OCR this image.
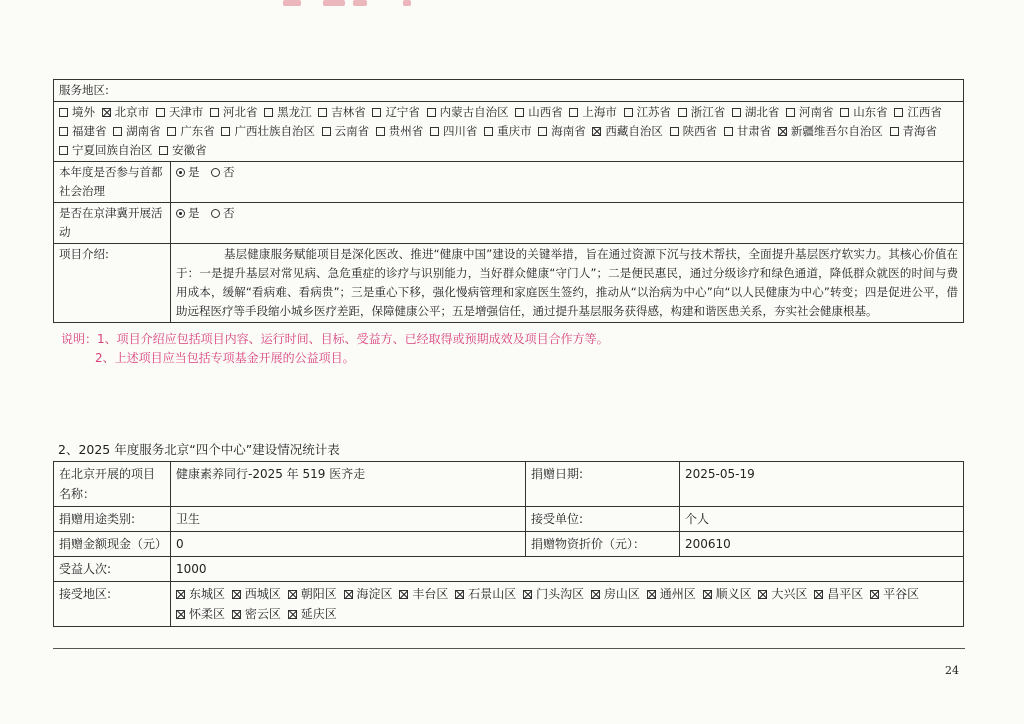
服务地区:	
境外 北京市 天津市 河北省 黑龙江 吉林省 辽宁省 内蒙古自治区 山西省 上海市 江苏省 浙江省 湖北省 河南省 山东省 江西省 福建省 湖南省 广东省 广西壮族自治区 云南省 贵州省 四川省 重庆市 海南省 西藏自治区 陕西省 甘肃省 新疆维吾尔自治区 青海省 宁夏回族自治区 安徽省	
本年度是否参与首都社会治理	是 否
是否在京津冀开展活动	是 否
项目介绍:	基层健康服务赋能项目是深化医改、推进“健康中国”建设的关键举措，旨在通过资源下沉与技术帮扶，全面提升基层医疗软实力。其核心价值在于：一是提升基层对常见病、急危重症的诊疗与识别能力，当好群众健康“守门人”；二是便民惠民，通过分级诊疗和绿色通道，降低群众就医的时间与费用成本，缓解“看病难、看病贵”；三是重心下移，强化慢病管理和家庭医生签约，推动从“以治病为中心”向“以人民健康为中心”转变；四是促进公平，借助远程医疗等手段缩小城乡医疗差距，保障健康公平；五是增强信任，通过提升基层服务获得感，构建和谐医患关系，夯实社会健康根基。
说明：1、项目介绍应包括项目内容、运行时间、目标、受益方、已经取得或预期成效及项目合作方等。
2、上述项目应当包括专项基金开展的公益项目。
2、2025 年度服务北京“四个中心”建设情况统计表
在北京开展的项目名称：	健康素养同行-2025 年 519 医齐走	捐赠日期:	2025-05-19
捐赠用途类别:	卫生	接受单位:	个人
捐赠金额现金（元）	0	捐赠物资折价（元）：	200610
受益人次:	1000		
接受地区:	东城区 西城区 朝阳区 海淀区 丰台区 石景山区 门头沟区 房山区 通州区 顺义区 大兴区 昌平区 平谷区 怀柔区 密云区 延庆区		
24
